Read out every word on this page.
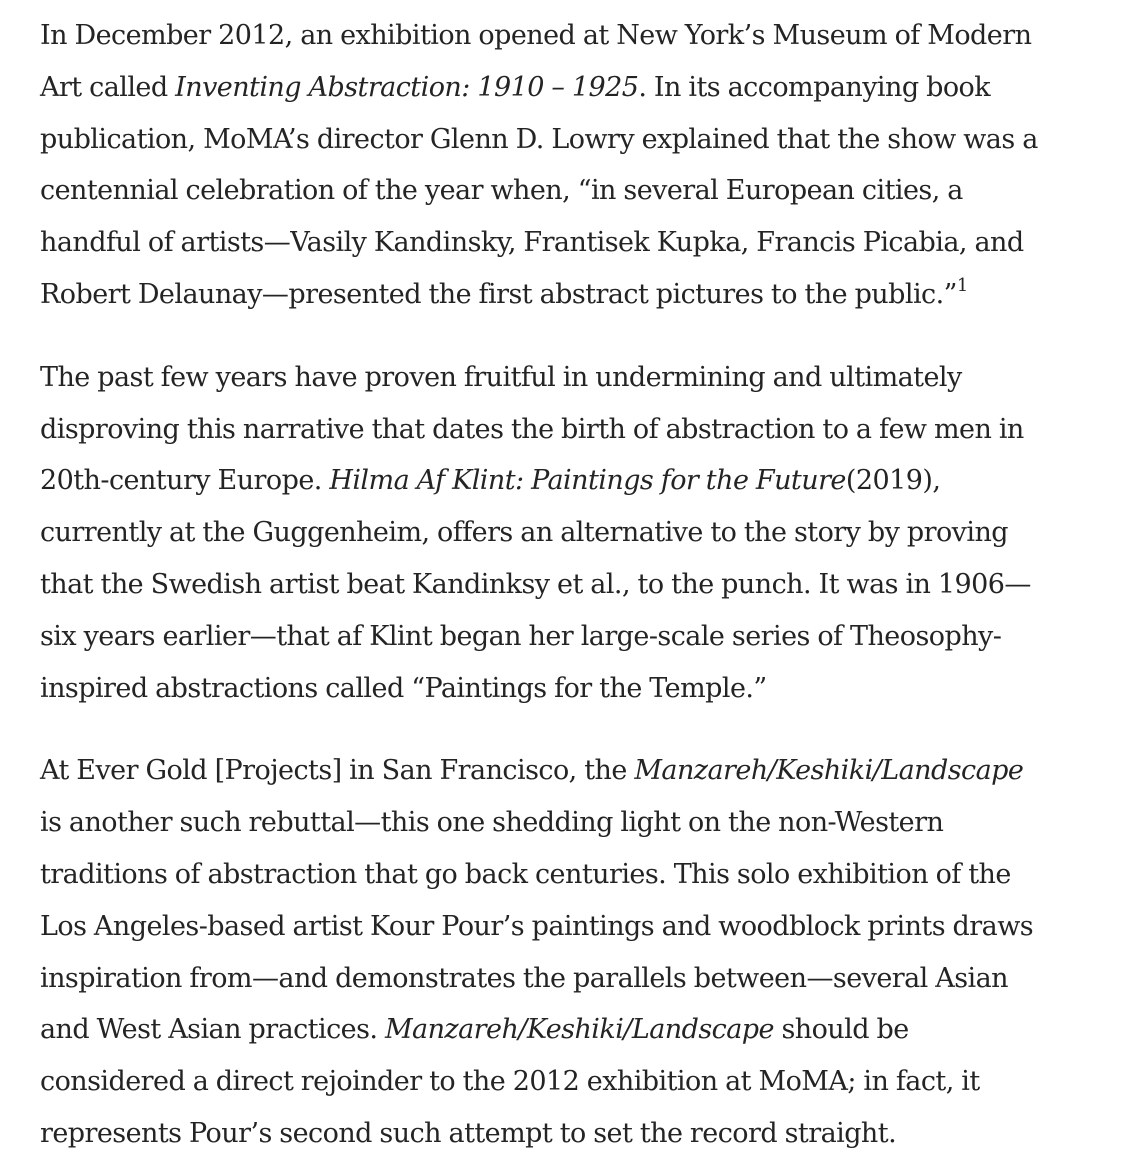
In December 2012, an exhibition opened at New York’s Museum of Modern
Art called Inventing Abstraction: 1910 – 1925. In its accompanying book
publication, MoMA’s director Glenn D. Lowry explained that the show was a
centennial celebration of the year when, “in several European cities, a
handful of artists—Vasily Kandinsky, Frantisek Kupka, Francis Picabia, and
Robert Delaunay—presented the first abstract pictures to the public.”$^1$

The past few years have proven fruitful in undermining and ultimately
disproving this narrative that dates the birth of abstraction to a few men in
20th-century Europe. Hilma Af Klint: Paintings for the Future(2019),
currently at the Guggenheim, offers an alternative to the story by proving
that the Swedish artist beat Kandinksy et al., to the punch. It was in 1906—
six years earlier—that af Klint began her large-scale series of Theosophy-
inspired abstractions called “Paintings for the Temple.”

At Ever Gold [Projects] in San Francisco, the Manzareh/Keshiki/Landscape
is another such rebuttal—this one shedding light on the non-Western
traditions of abstraction that go back centuries. This solo exhibition of the
Los Angeles-based artist Kour Pour’s paintings and woodblock prints draws
inspiration from—and demonstrates the parallels between—several Asian
and West Asian practices. Manzareh/Keshiki/Landscape should be
considered a direct rejoinder to the 2012 exhibition at MoMA; in fact, it
represents Pour’s second such attempt to set the record straight.
